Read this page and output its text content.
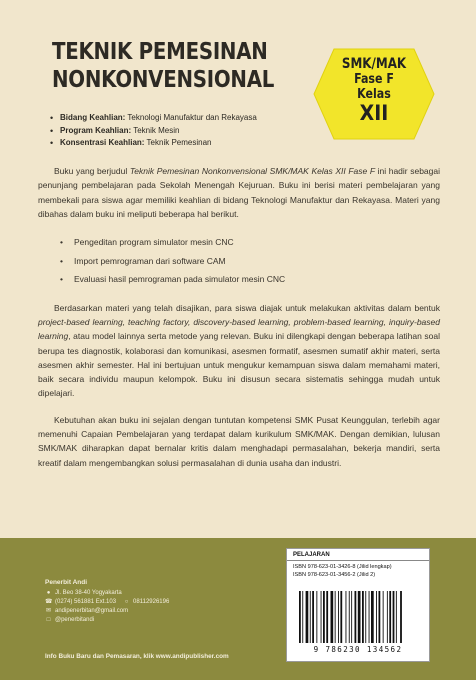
TEKNIK PEMESINAN
NONKONVENSIONAL
SMK/MAK
Fase F
Kelas
XII
• Bidang Keahlian: Teknologi Manufaktur dan Rekayasa
• Program Keahlian: Teknik Mesin
• Konsentrasi Keahlian: Teknik Pemesinan

Buku yang berjudul Teknik Pemesinan Nonkonvensional SMK/MAK Kelas XII Fase F ini hadir sebagai penunjang pembelajaran pada Sekolah Menengah Kejuruan. Buku ini berisi materi pembelajaran yang membekali para siswa agar memiliki keahlian di bidang Teknologi Manufaktur dan Rekayasa. Materi yang dibahas dalam buku ini meliputi beberapa hal berikut.

• Pengeditan program simulator mesin CNC
• Import pemrograman dari software CAM
• Evaluasi hasil pemrograman pada simulator mesin CNC

Berdasarkan materi yang telah disajikan, para siswa diajak untuk melakukan aktivitas dalam bentuk project-based learning, teaching factory, discovery-based learning, problem-based learning, inquiry-based learning, atau model lainnya serta metode yang relevan. Buku ini dilengkapi dengan beberapa latihan soal berupa tes diagnostik, kolaborasi dan komunikasi, asesmen formatif, asesmen sumatif akhir materi, serta asesmen akhir semester. Hal ini bertujuan untuk mengukur kemampuan siswa dalam memahami materi, baik secara individu maupun kelompok. Buku ini disusun secara sistematis sehingga mudah untuk dipelajari.

Kebutuhan akan buku ini sejalan dengan tuntutan kompetensi SMK Pusat Keunggulan, terlebih agar memenuhi Capaian Pembelajaran yang terdapat dalam kurikulum SMK/MAK. Dengan demikian, lulusan SMK/MAK diharapkan dapat bernalar kritis dalam menghadapi permasalahan, bekerja mandiri, serta kreatif dalam mengembangkan solusi permasalahan di dunia usaha dan industri.

Penerbit Andi
● Jl. Beo 38-40 Yogyakarta
☎ (0274) 561881 Ext.103 ○ 08112926196
✉ andipenerbitan@gmail.com
□ @penerbitandi
Info Buku Baru dan Pemasaran, klik www.andipublisher.com
PELAJARAN
ISBN 978-623-01-3426-8 (Jilid lengkap)
ISBN 978-623-01-3456-2 (Jilid 2)
9 786230 134562
